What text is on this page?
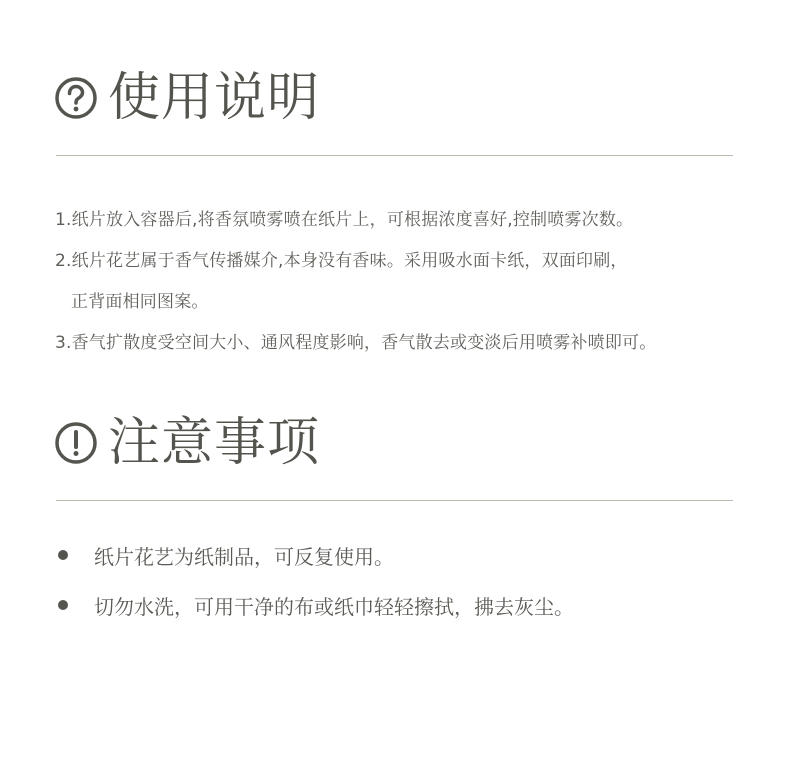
使用说明
1.纸片放入容器后,将香氛喷雾喷在纸片上，可根据浓度喜好,控制喷雾次数。
2.纸片花艺属于香气传播媒介,本身没有香味。采用吸水面卡纸，双面印刷，
正背面相同图案。
3.香气扩散度受空间大小、通风程度影响，香气散去或变淡后用喷雾补喷即可。
注意事项
纸片花艺为纸制品，可反复使用。
切勿水洗，可用干净的布或纸巾轻轻擦拭，拂去灰尘。
